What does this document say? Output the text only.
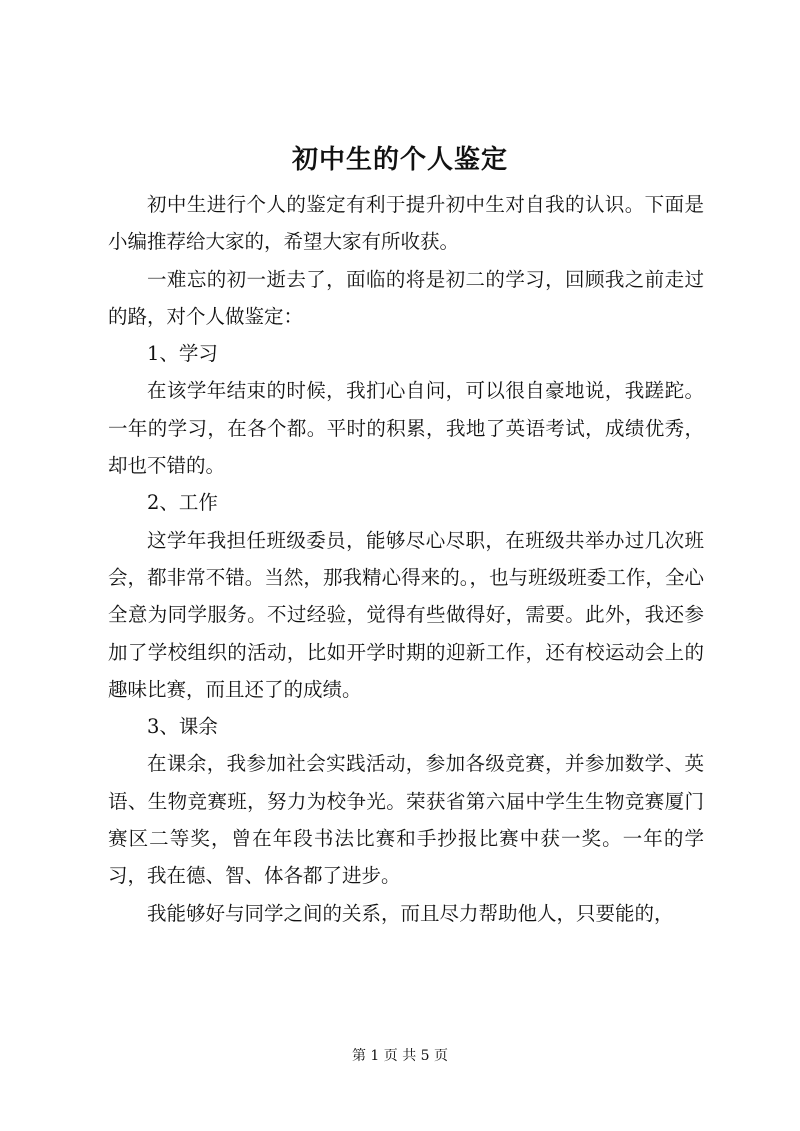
初中生的个人鉴定

初中生进行个人的鉴定有利于提升初中生对自我的认识。下面是小编推荐给大家的，希望大家有所收获。

一难忘的初一逝去了，面临的将是初二的学习，回顾我之前走过的路，对个人做鉴定：

1、学习

在该学年结束的时候，我扪心自问，可以很自豪地说，我蹉跎。一年的学习，在各个都。平时的积累，我地了英语考试，成绩优秀，却也不错的。

2、工作

这学年我担任班级委员，能够尽心尽职，在班级共举办过几次班会，都非常不错。当然，那我精心得来的。，也与班级班委工作，全心全意为同学服务。不过经验，觉得有些做得好，需要。此外，我还参加了学校组织的活动，比如开学时期的迎新工作，还有校运动会上的趣味比赛，而且还了的成绩。

3、课余

在课余，我参加社会实践活动，参加各级竞赛，并参加数学、英语、生物竞赛班，努力为校争光。荣获省第六届中学生生物竞赛厦门赛区二等奖，曾在年段书法比赛和手抄报比赛中获一奖。一年的学习，我在德、智、体各都了进步。

我能够好与同学之间的关系，而且尽力帮助他人，只要能的，

第 1 页 共 5 页
